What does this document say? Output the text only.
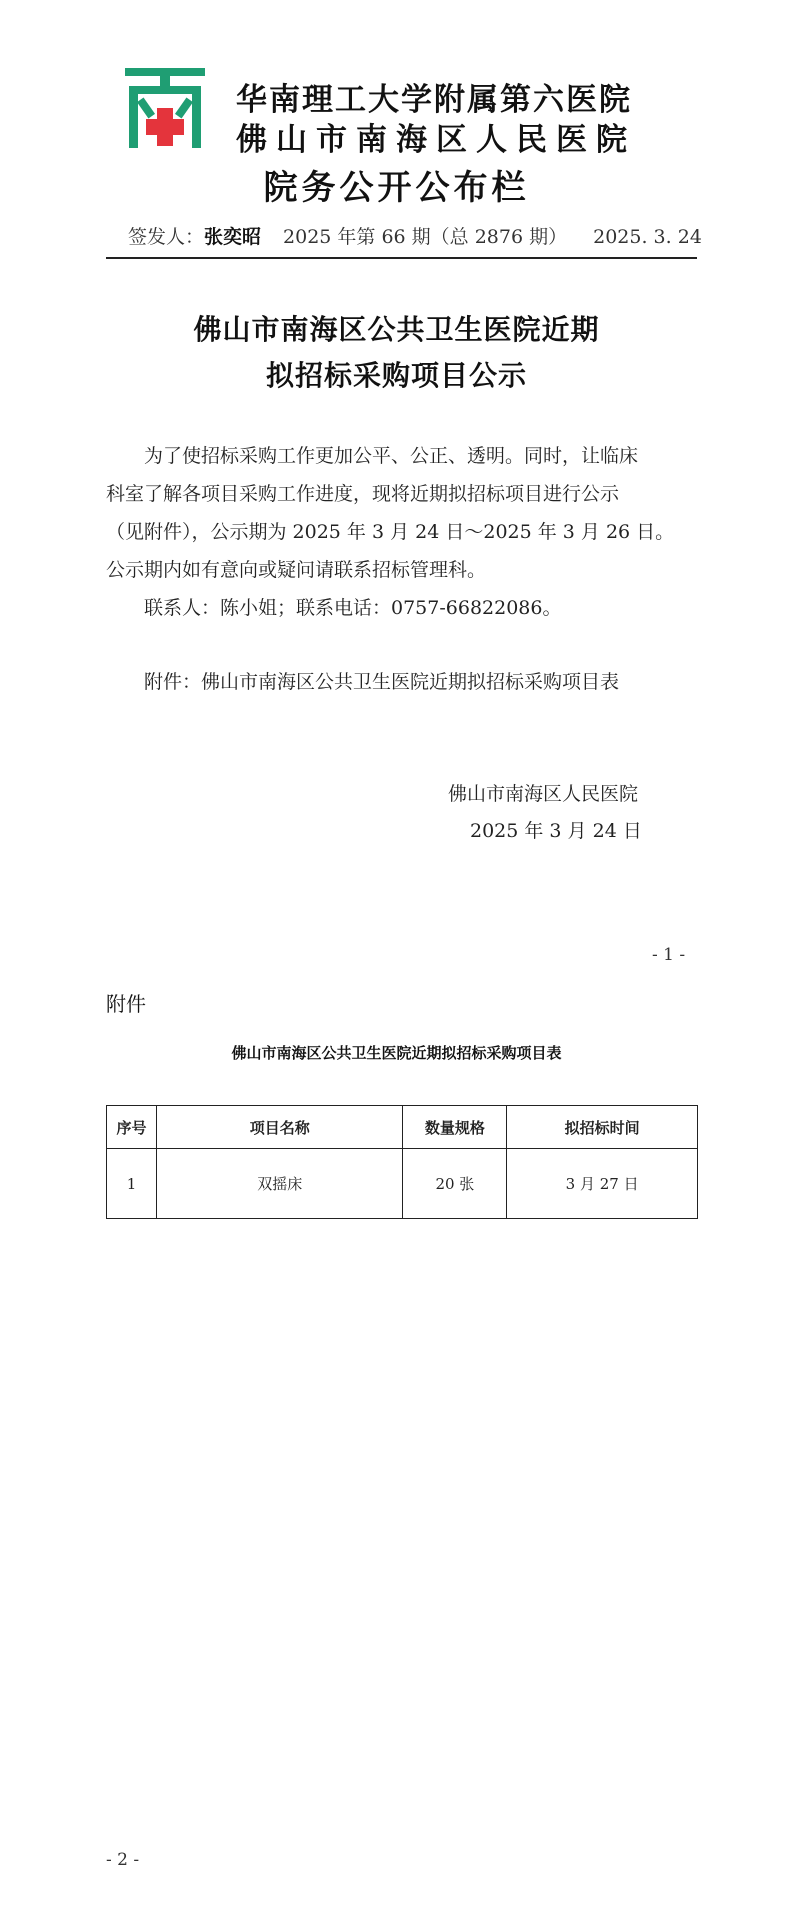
华南理工大学附属第六医院
佛山市南海区人民医院
院务公开公布栏
签发人：张奕昭 2025 年第 66 期（总 2876 期） 2025. 3. 24
佛山市南海区公共卫生医院近期
拟招标采购项目公示
为了使招标采购工作更加公平、公正、透明。同时，让临床
科室了解各项目采购工作进度，现将近期拟招标项目进行公示
（见附件），公示期为 2025 年 3 月 24 日～2025 年 3 月 26 日。
公示期内如有意向或疑问请联系招标管理科。
联系人：陈小姐；联系电话：0757-66822086。
附件：佛山市南海区公共卫生医院近期拟招标采购项目表
佛山市南海区人民医院
2025 年 3 月 24 日
- 1 -
附件
佛山市南海区公共卫生医院近期拟招标采购项目表
序号	项目名称	数量规格	拟招标时间
1	双摇床	20 张	3 月 27 日
- 2 -
